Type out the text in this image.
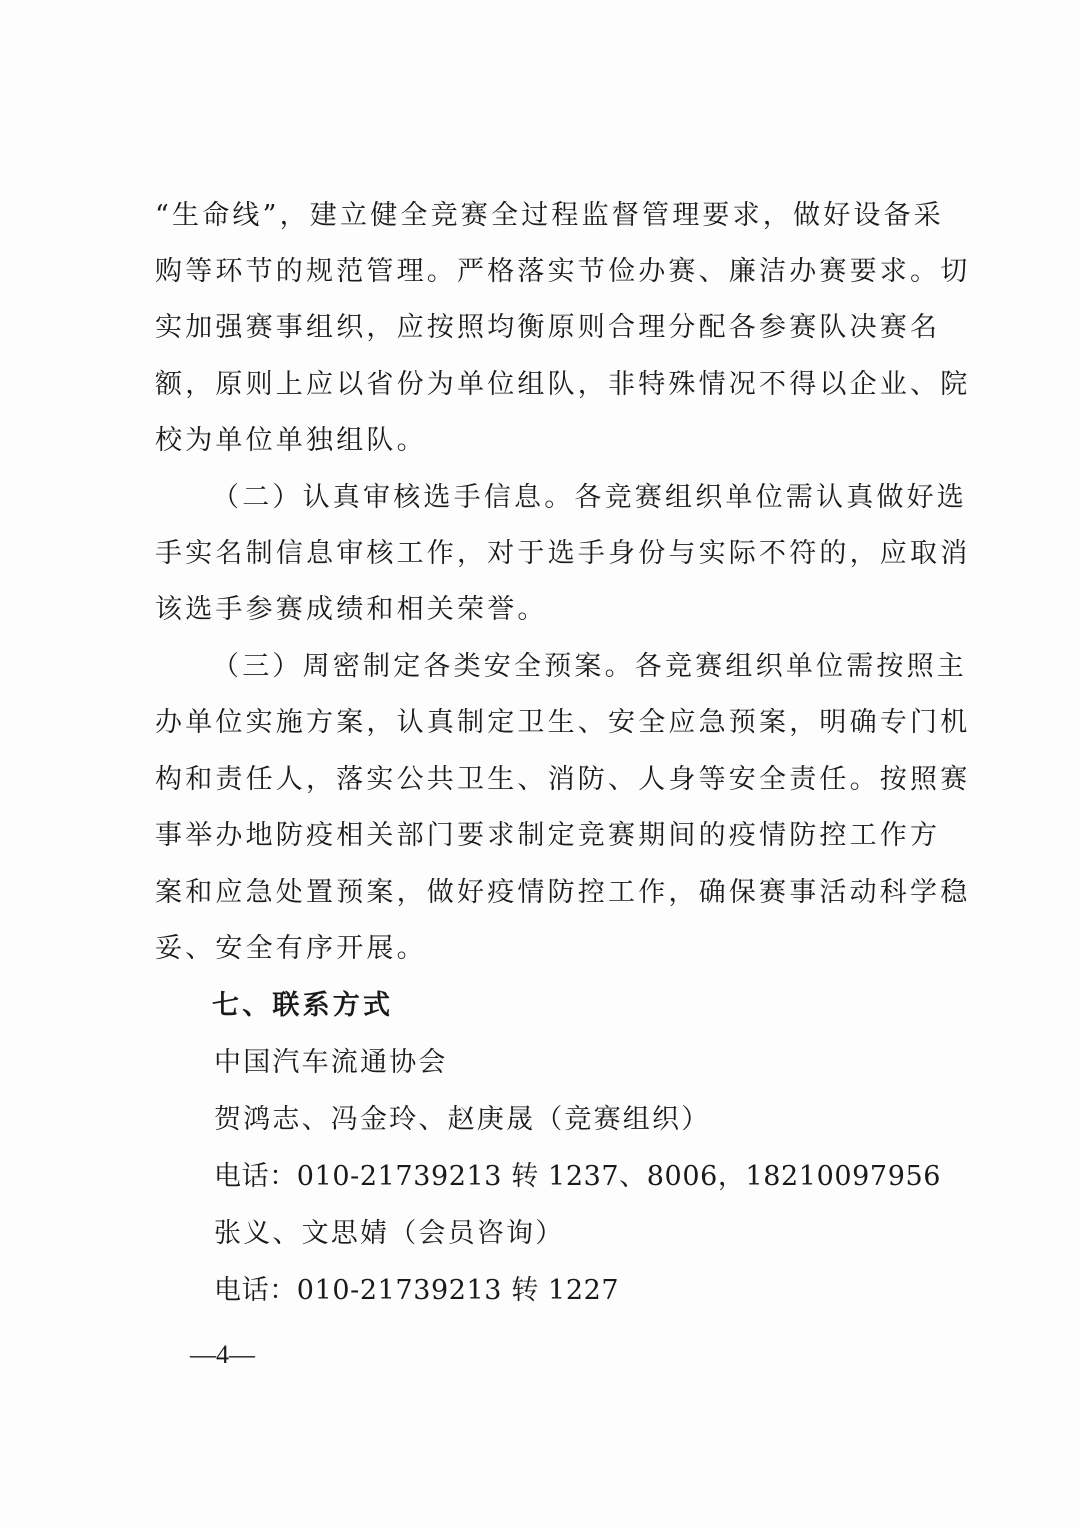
“生命线”，建立健全竞赛全过程监督管理要求，做好设备采
购等环节的规范管理。严格落实节俭办赛、廉洁办赛要求。切
实加强赛事组织，应按照均衡原则合理分配各参赛队决赛名
额，原则上应以省份为单位组队，非特殊情况不得以企业、院
校为单位单独组队。
（二）认真审核选手信息。各竞赛组织单位需认真做好选
手实名制信息审核工作，对于选手身份与实际不符的，应取消
该选手参赛成绩和相关荣誉。
（三）周密制定各类安全预案。各竞赛组织单位需按照主
办单位实施方案，认真制定卫生、安全应急预案，明确专门机
构和责任人，落实公共卫生、消防、人身等安全责任。按照赛
事举办地防疫相关部门要求制定竞赛期间的疫情防控工作方
案和应急处置预案，做好疫情防控工作，确保赛事活动科学稳
妥、安全有序开展。
七、联系方式
中国汽车流通协会
贺鸿志、冯金玲、赵庚晟（竞赛组织）
电话：010-21739213 转 1237、8006，18210097956
张义、文思婧（会员咨询）
电话：010-21739213 转 1227
—4—
